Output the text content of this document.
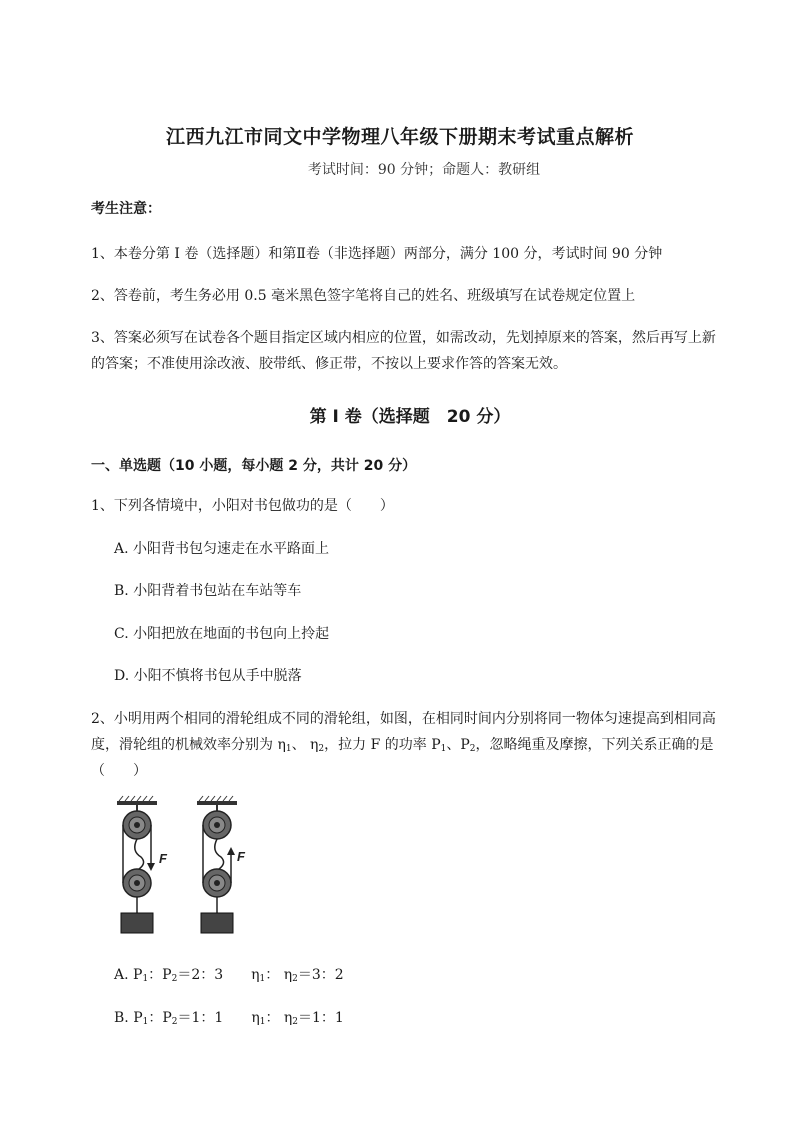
江西九江市同文中学物理八年级下册期末考试重点解析
考试时间：90 分钟；命题人：教研组
考生注意：
1、本卷分第 I 卷（选择题）和第Ⅱ卷（非选择题）两部分，满分 100 分，考试时间 90 分钟
2、答卷前，考生务必用 0.5 毫米黑色签字笔将自己的姓名、班级填写在试卷规定位置上
3、答案必须写在试卷各个题目指定区域内相应的位置，如需改动，先划掉原来的答案，然后再写上新
的答案；不准使用涂改液、胶带纸、修正带，不按以上要求作答的答案无效。
第 I 卷（选择题　20 分）
一、单选题（10 小题，每小题 2 分，共计 20 分）
1、下列各情境中，小阳对书包做功的是（　　）
A. 小阳背书包匀速走在水平路面上
B. 小阳背着书包站在车站等车
C. 小阳把放在地面的书包向上拎起
D. 小阳不慎将书包从手中脱落
2、小明用两个相同的滑轮组成不同的滑轮组，如图，在相同时间内分别将同一物体匀速提高到相同高
度，滑轮组的机械效率分别为 $\eta_1$、 $\eta_2$，拉力 F 的功率 $P_1$、$P_2$，忽略绳重及摩擦，下列关系正确的是
（　　）
F	F
A. $P_1$：$P_2=2$：3　　$\eta_1$： $\eta_2=3$：2
B. $P_1$：$P_2=1$：1　　$\eta_1$： $\eta_2=1$：1
